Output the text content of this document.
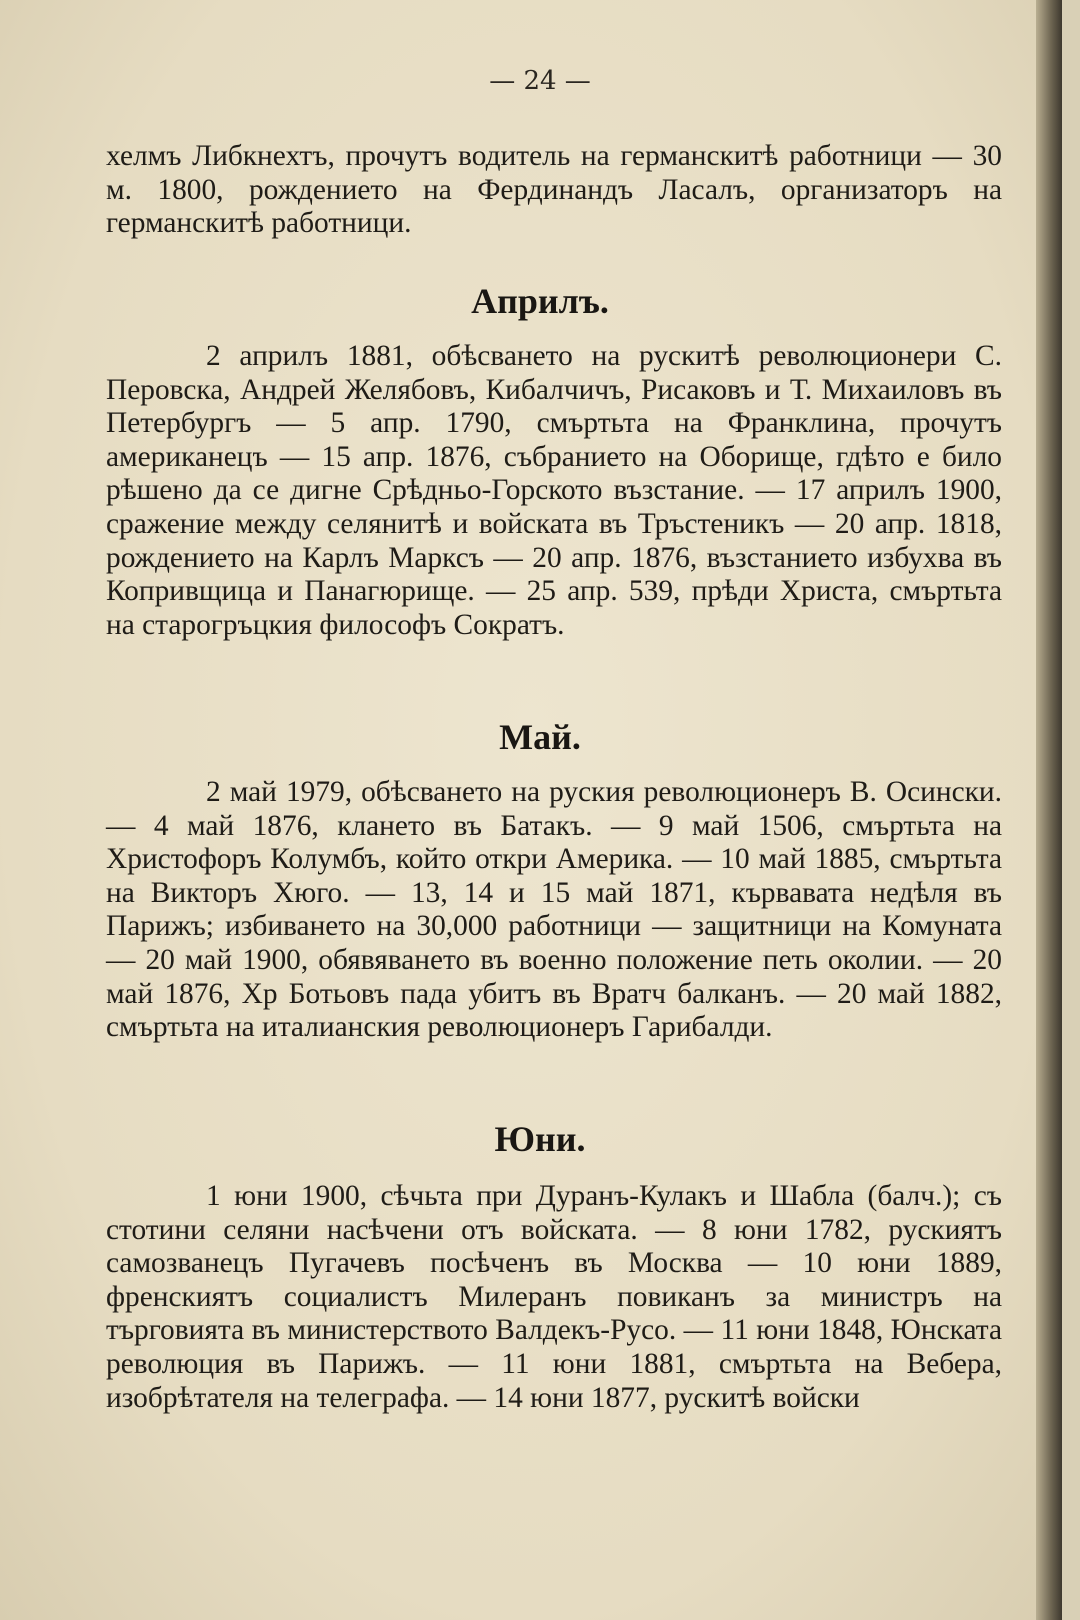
— 24 —

хелмъ Либкнехтъ, прочутъ водитель на германскитѣ работници — 30 м. 1800, рождението на Фердинандъ Ласалъ, организаторъ на германскитѣ работници.

Априлъ.

2 априлъ 1881, обѣсването на рускитѣ революционери С. Перовска, Андрей Желябовъ, Кибалчичъ, Рисаковъ и Т. Михаиловъ въ Петербургъ — 5 апр. 1790, смъртьта на Франклина, прочутъ американецъ — 15 апр. 1876, събранието на Оборище, гдѣто е било рѣшено да се дигне Срѣдньо-Горското възстание. — 17 априлъ 1900, сражение между селянитѣ и войската въ Тръстеникъ — 20 апр. 1818, рождението на Карлъ Марксъ — 20 апр. 1876, възстанието избухва въ Копривщица и Панагюрище. — 25 апр. 539, прѣди Христа, смъртьта на старогръцкия философъ Сократъ.

Май.

2 май 1979, обѣсването на руския революционеръ В. Осински. — 4 май 1876, клането въ Батакъ. — 9 май 1506, смъртьта на Христофоръ Колумбъ, който откри Америка. — 10 май 1885, смъртьта на Викторъ Хюго. — 13, 14 и 15 май 1871, кървавата недѣля въ Парижъ; избиването на 30,000 работници — защитници на Комуната — 20 май 1900, обявяването въ военно положение петь околии. — 20 май 1876, Хр Ботьовъ пада убитъ въ Вратч балканъ. — 20 май 1882, смъртьта на италианския революционеръ Гарибалди.

Юни.

1 юни 1900, сѣчьта при Дуранъ-Кулакъ и Шабла (балч.); съ стотини селяни насѣчени отъ войската. — 8 юни 1782, рускиятъ самозванецъ Пугачевъ посѣченъ въ Москва — 10 юни 1889, френскиятъ социалистъ Милеранъ повиканъ за министръ на търговията въ министерството Валдекъ-Русо. — 11 юни 1848, Юнската революция въ Парижъ. — 11 юни 1881, смъртьта на Вебера, изобрѣтателя на телеграфа. — 14 юни 1877, рускитѣ войски
